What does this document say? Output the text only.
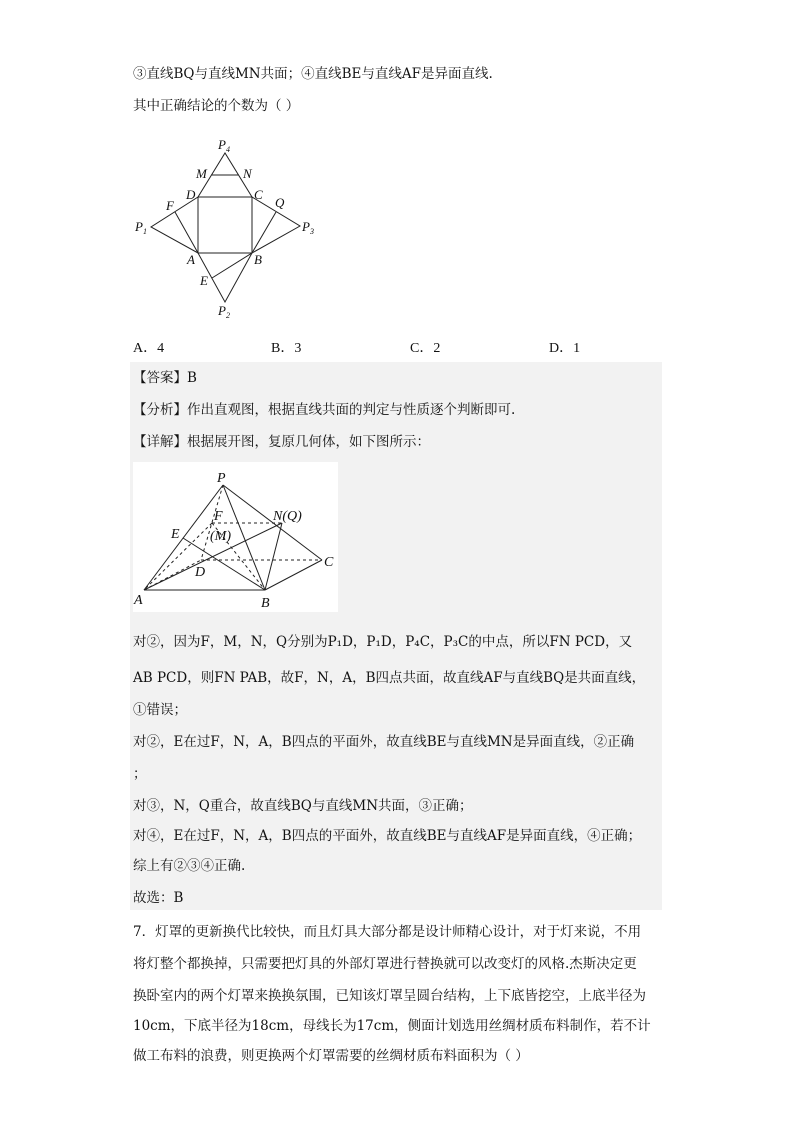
③直线BQ与直线MN共面；④直线BE与直线AF是异面直线.
其中正确结论的个数为（ ）
$P_4$
M	N
D	C
F	Q
$P_1$	$P_3$
A	B
E
$P_2$
A．4	B．3	C．2	D．1
【答案】B
【分析】作出直观图，根据直线共面的判定与性质逐个判断即可.
【详解】根据展开图，复原几何体，如下图所示：
P
F	N(Q)
E (M)
D
C
A	B
对②，因为F，M，N，Q分别为P₁D，P₁D，P₄C，P₃C的中点，所以FN PCD，又
AB PCD，则FN PAB，故F，N，A，B四点共面，故直线AF与直线BQ是共面直线，
①错误；
对②，E在过F，N，A，B四点的平面外，故直线BE与直线MN是异面直线，②正确
；
对③，N，Q重合，故直线BQ与直线MN共面，③正确；
对④，E在过F，N，A，B四点的平面外，故直线BE与直线AF是异面直线，④正确；
综上有②③④正确.
故选：B
7．灯罩的更新换代比较快，而且灯具大部分都是设计师精心设计，对于灯来说，不用
将灯整个都换掉，只需要把灯具的外部灯罩进行替换就可以改变灯的风格.杰斯决定更
换卧室内的两个灯罩来换换氛围，已知该灯罩呈圆台结构，上下底皆挖空，上底半径为
10cm，下底半径为18cm，母线长为17cm，侧面计划选用丝绸材质布料制作，若不计
做工布料的浪费，则更换两个灯罩需要的丝绸材质布料面积为（ ）
